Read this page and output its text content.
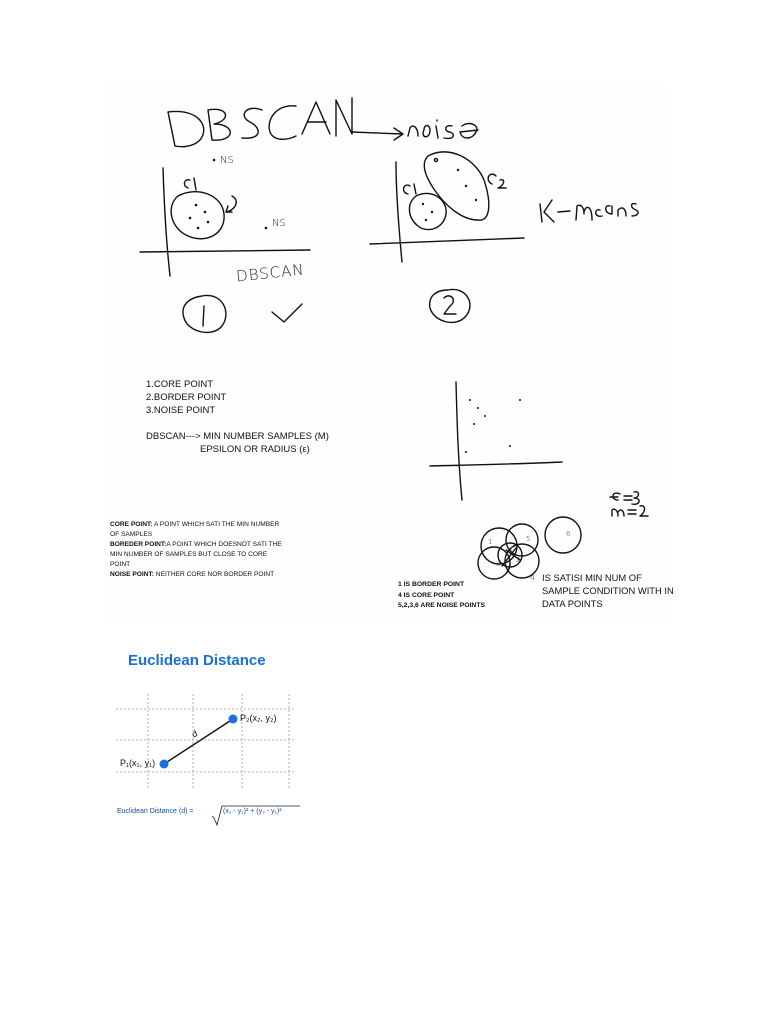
NS
NS
DBSCAN
1.CORE POINT
2.BORDER POINT
3.NOISE POINT
DBSCAN---> MIN NUMBER SAMPLES (M)
EPSILON OR RADIUS (ε)
CORE POINT: A POINT WHICH SATI THE MIN NUMBER OF SAMPLES
BOREDER POINT:A POINT WHICH DOESNOT SATI THE MIN NUMBER OF SAMPLES BUT CLOSE TO CORE POINT
NOISE POINT: NEITHER CORE NOR BORDER POINT
1
2
3
4
5
6
1 IS BORDER POINT
4 IS CORE POINT
5,2,3,6 ARE NOISE POINTS
4 IS SATISI MIN NUM OF
SAMPLE CONDITION WITH IN
DATA POINTS
Euclidean Distance
P₁(x₁, y₁)
P₂(x₂, y₂)
d
Euclidean Distance (d) =	(x₂ - y₁)² + (y₂ - y₁)²
